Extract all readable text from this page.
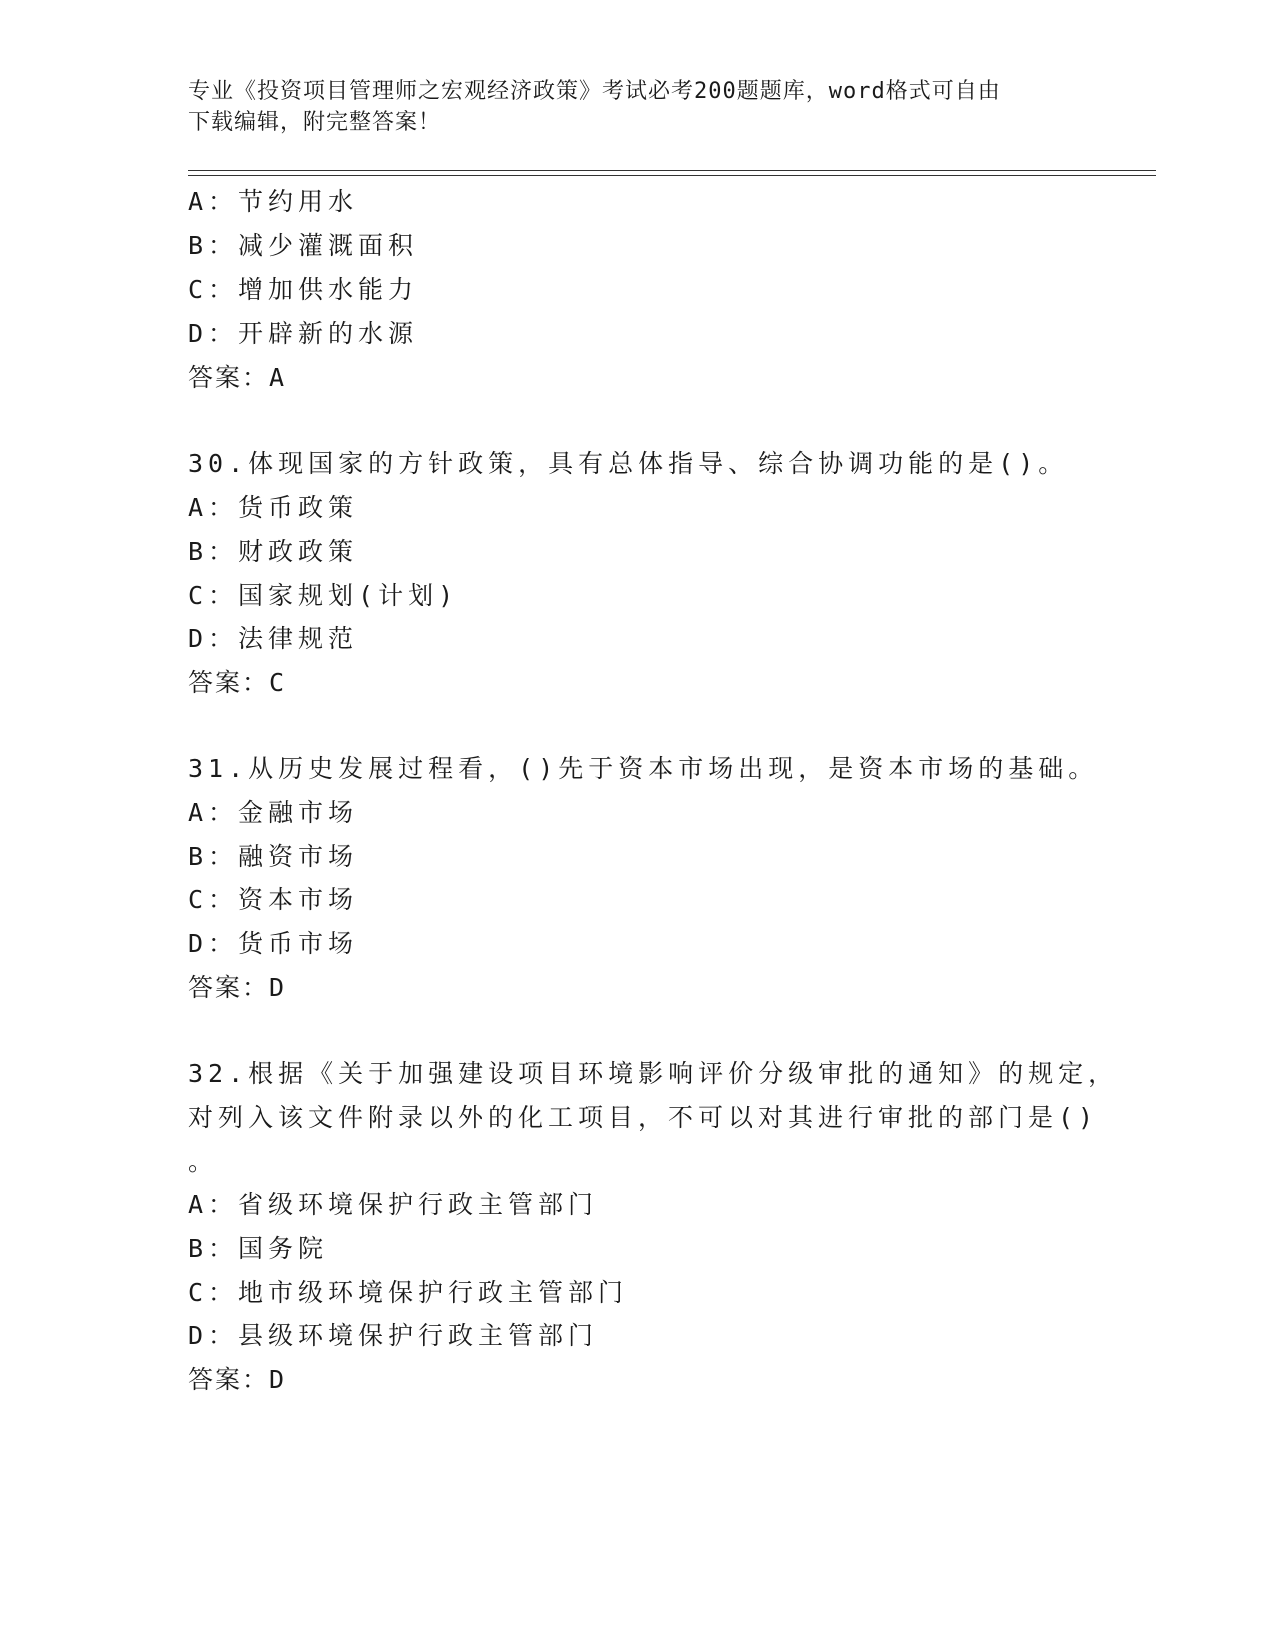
专业《投资项目管理师之宏观经济政策》考试必考200题题库，word格式可自由
下载编辑，附完整答案！
A：节约用水
B：减少灌溉面积
C：增加供水能力
D：开辟新的水源
答案：A
30.体现国家的方针政策，具有总体指导、综合协调功能的是()。
A：货币政策
B：财政政策
C：国家规划(计划)
D：法律规范
答案：C
31.从历史发展过程看，()先于资本市场出现，是资本市场的基础。
A：金融市场
B：融资市场
C：资本市场
D：货币市场
答案：D
32.根据《关于加强建设项目环境影响评价分级审批的通知》的规定，
对列入该文件附录以外的化工项目，不可以对其进行审批的部门是()
。
A：省级环境保护行政主管部门
B：国务院
C：地市级环境保护行政主管部门
D：县级环境保护行政主管部门
答案：D
